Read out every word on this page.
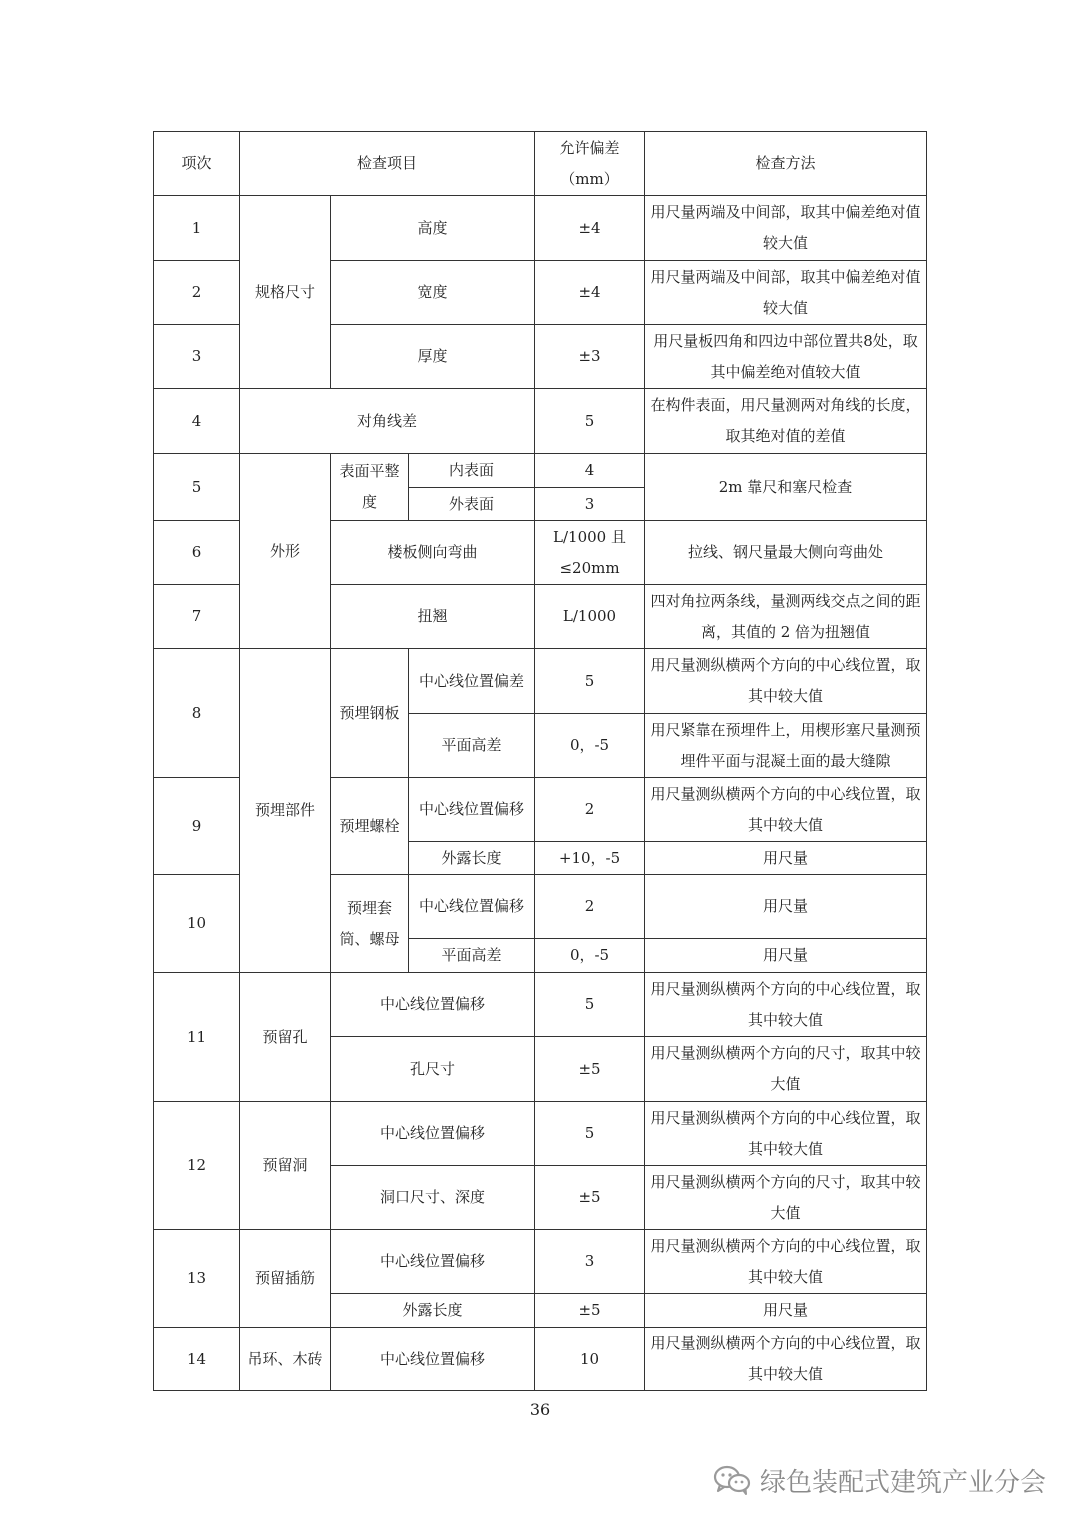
项次	检查项目			允许偏差（mm）	检查方法
1	规格尺寸	高度		±4	用尺量两端及中间部，取其中偏差绝对值较大值
2		宽度		±4	用尺量两端及中间部，取其中偏差绝对值较大值
3		厚度		±3	用尺量板四角和四边中部位置共8处，取其中偏差绝对值较大值
4	对角线差			5	在构件表面，用尺量测两对角线的长度，取其绝对值的差值
5	外形	表面平整度	内表面	4	2m 靠尺和塞尺检查
			外表面	3	
6		楼板侧向弯曲		L/1000 且≤20mm	拉线、钢尺量最大侧向弯曲处
7		扭翘		L/1000	四对角拉两条线，量测两线交点之间的距离，其值的 2 倍为扭翘值
8	预埋部件	预埋钢板	中心线位置偏差	5	用尺量测纵横两个方向的中心线位置，取其中较大值
			平面高差	0，-5	用尺紧靠在预埋件上，用楔形塞尺量测预埋件平面与混凝土面的最大缝隙
9		预埋螺栓	中心线位置偏移	2	用尺量测纵横两个方向的中心线位置，取其中较大值
			外露长度	+10，-5	用尺量
10		预埋套筒、螺母	中心线位置偏移	2	用尺量
			平面高差	0，-5	用尺量
11	预留孔	中心线位置偏移		5	用尺量测纵横两个方向的中心线位置，取其中较大值
		孔尺寸		±5	用尺量测纵横两个方向的尺寸，取其中较大值
12	预留洞	中心线位置偏移		5	用尺量测纵横两个方向的中心线位置，取其中较大值
		洞口尺寸、深度		±5	用尺量测纵横两个方向的尺寸，取其中较大值
13	预留插筋	中心线位置偏移		3	用尺量测纵横两个方向的中心线位置，取其中较大值
		外露长度		±5	用尺量
14	吊环、木砖	中心线位置偏移		10	用尺量测纵横两个方向的中心线位置，取其中较大值
36
绿色装配式建筑产业分会
